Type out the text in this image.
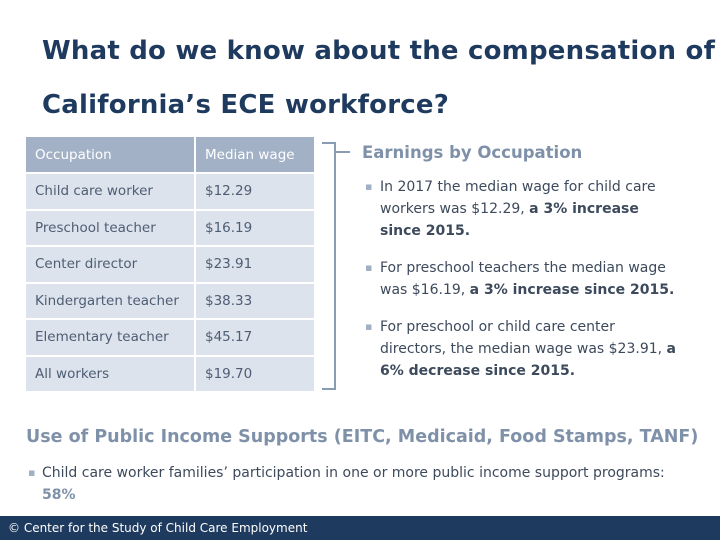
What do we know about the compensation of
California’s ECE workforce?
Occupation	Median wage
Child care worker	$12.29
Preschool teacher	$16.19
Center director	$23.91
Kindergarten teacher	$38.33
Elementary teacher	$45.17
All workers	$19.70
Earnings by Occupation
▪ In 2017 the median wage for child care workers was $12.29, a 3% increase since 2015.
▪ For preschool teachers the median wage was $16.19, a 3% increase since 2015.
▪ For preschool or child care center directors, the median wage was $23.91, a 6% decrease since 2015.
Use of Public Income Supports (EITC, Medicaid, Food Stamps, TANF)
▪ Child care worker families’ participation in one or more public income support programs: 58%
© Center for the Study of Child Care Employment
